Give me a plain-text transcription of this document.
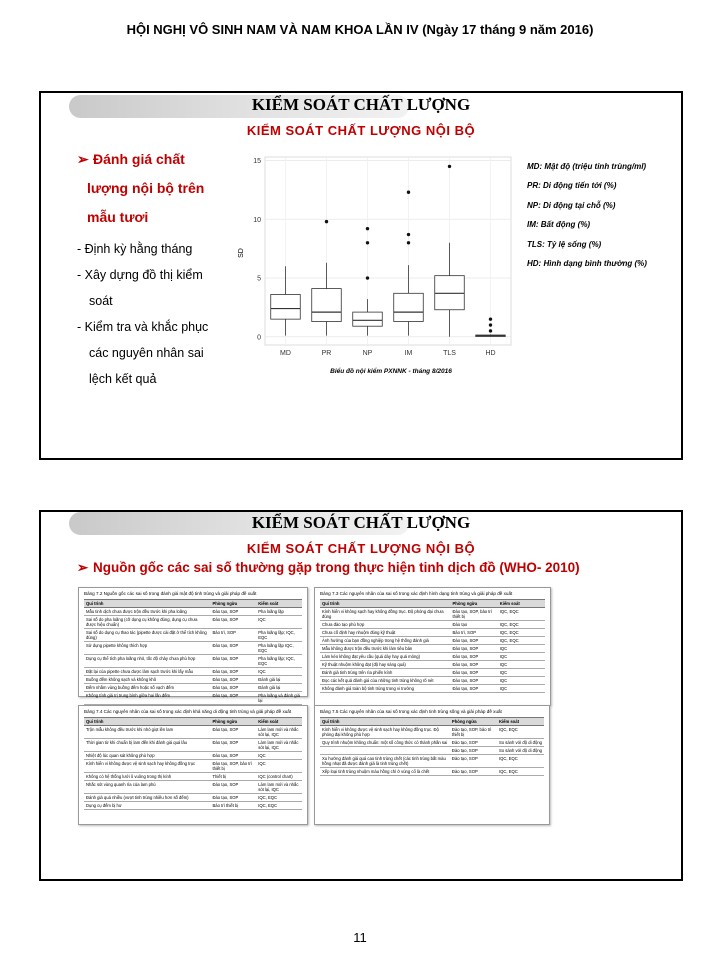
HỘI NGHỊ VÔ SINH NAM VÀ NAM KHOA LẦN IV (Ngày 17 tháng 9 năm 2016)
KIỂM SOÁT CHẤT LƯỢNG
KIỂM SOÁT CHẤT LƯỢNG NỘI BỘ
➢ Đánh giá chất
lượng nội bộ trên
mẫu tươi
- Định kỳ hằng tháng
- Xây dựng đồ thị kiểm
soát
- Kiểm tra và khắc phục
các nguyên nhân sai
lệch kết quả
0
5
10
15
MD	PR	NP	IM	TLS	HD
SD
Biểu đồ nội kiểm PXNNK - tháng 8/2016
MD: Mật độ (triệu tinh trùng/ml)
PR: Di động tiến tới (%)
NP: Di động tại chỗ (%)
IM: Bất động (%)
TLS: Tỷ lệ sống (%)
HD: Hình dạng bình thường (%)
KIỂM SOÁT CHẤT LƯỢNG
KIỂM SOÁT CHẤT LƯỢNG NỘI BỘ
➢ Nguồn gốc các sai số thường gặp trong thực hiện tinh dịch đồ (WHO- 2010)
Bảng 7.2 Nguồn gốc các sai số trong đánh giá mật độ tinh trùng và giải pháp đề xuất
Qui trình	Phòng ngừa	Kiểm soát
Mẫu tinh dịch chưa được trộn đều trước khi pha loãng	Đào tạo, SOP	Pha loãng lặp
Sai số do pha loãng (cỡ dụng cụ không đúng, dụng cụ chưa được hiệu chuẩn)	Đào tạo, SOP	IQC
Sai số do dụng cụ thao tác (pipette được cài đặt ở thể tích không đúng)	Bảo trì, SOP	Pha loãng lặp; IQC, EQC
Sử dụng pipette không thích hợp	Đào tạo, SOP	Pha loãng lặp IQC, EQC
Dụng cụ thể tích pha loãng nhỏ, tốc độ chảy chưa phù hợp	Đào tạo, SOP	Pha loãng lặp; IQC, EQC
Đặt lại của pipette chưa được làm sạch trước khi lấy mẫu	Đào tạo, SOP	IQC
Buồng đếm không sạch và không khô	Đào tạo, SOP	Đánh giá lại
Đếm nhầm vùng buồng đếm hoặc số vạch đếm	Đào tạo, SOP	Đánh giá lại
Không tính giá trị trung bình giữa hai lần đếm	Đào tạo, SOP	Pha loãng và đánh giá lại
Bảng 7.3 Các nguyên nhân của sai số trong xác định hình dạng tinh trùng và giải pháp đề xuất
Qui trình	Phòng ngừa	Kiểm soát
Kính hiển vi không sạch hay không đồng trục. Độ phóng đại chưa đúng	Đào tạo, SOP, bảo trì thiết bị	IQC, EQC
Chưa đào tạo phù hợp	Đào tạo	IQC, EQC
Chưa cố định hay nhuộm đúng kỹ thuật	Bảo trì, SOP	IQC, EQC
Ảnh hưởng của bạn đồng nghiệp trong hệ thống đánh giá	Đào tạo, SOP	IQC, EQC
Mẫu không được trộn đều trước khi làm tiêu bản	Đào tạo, SOP	IQC
Làm kéo không đạt yêu cầu (quá dày hay quá mỏng)	Đào tạo, SOP	IQC
Kỹ thuật nhuộm không đạt (độ hay sáng quá)	Đào tạo, SOP	IQC
Đánh giá tinh trùng trên rìa phiến kính	Đào tạo, SOP	IQC
Đọc các kết quả đánh giá của những tinh trùng không rõ nét	Đào tạo, SOP	IQC
Không đánh giá toàn bộ tinh trùng trong vi trường	Đào tạo, SOP	IQC
Bảng 7.4 Các nguyên nhân của sai số trong xác định khả năng di động tinh trùng và giải pháp đề xuất
Qui trình	Phòng ngừa	Kiểm soát
Trộn mẫu không đều trước khi nhỏ giọt lên lam	Đào tạo, SOP	Làm lam mới và nhắc sót lại, IQC
Thời gian từ khi chuẩn bị lam đến khi đánh giá quá lâu	Đào tạo, SOP	Làm lam mới và nhắc sót lại, IQC
Nhiệt độ lúc quan sát không phù hợp	Đào tạo, SOP	IQC
Kính hiển vi không được vệ sinh sạch hay không đồng trục	Đào tạo, SOP, bảo trì thiết bị	IQC
Không có hệ thống lưới ô vuông trong thị kính	Thiết bị	IQC (control chart)
Nhắc sót vùng quanh rìa của lam phủ	Đào tạo, SOP	Làm lam mới và nhắc sót lại, IQC
Đánh giá quá nhiều (vượt tinh trùng nhiều hơn số đếm)	Đào tạo, SOP	IQC, EQC
Dụng cụ đếm bị hư	Bảo trì thiết bị	IQC, EQC
Bảng 7.5 Các nguyên nhân của sai số trong xác định tinh trùng sống và giải pháp đề xuất
Qui trình	Phòng ngừa	Kiểm soát
Kính hiển vi không được vệ sinh sạch hay không đồng trục. Độ phóng đại không phù hợp	Đào tạo, SOP, bảo trì thiết bị	IQC, EQC
Quy trình nhuộm không chuẩn: một số công thức có thành phần sai	Đào tạo, SOP	So sánh với độ di động
	Đào tạo, SOP	So sánh với độ di động
Xu hướng đánh giá quá cao tinh trùng chết (các tinh trùng bắt màu hồng nhạt đã được đánh giá là tinh trùng chết)	Đào tạo, SOP	IQC, EQC
Xếp loại tinh trùng nhuộm màu hồng chỉ ở vùng cổ là chết	Đào tạo, SOP	IQC, EQC
11
